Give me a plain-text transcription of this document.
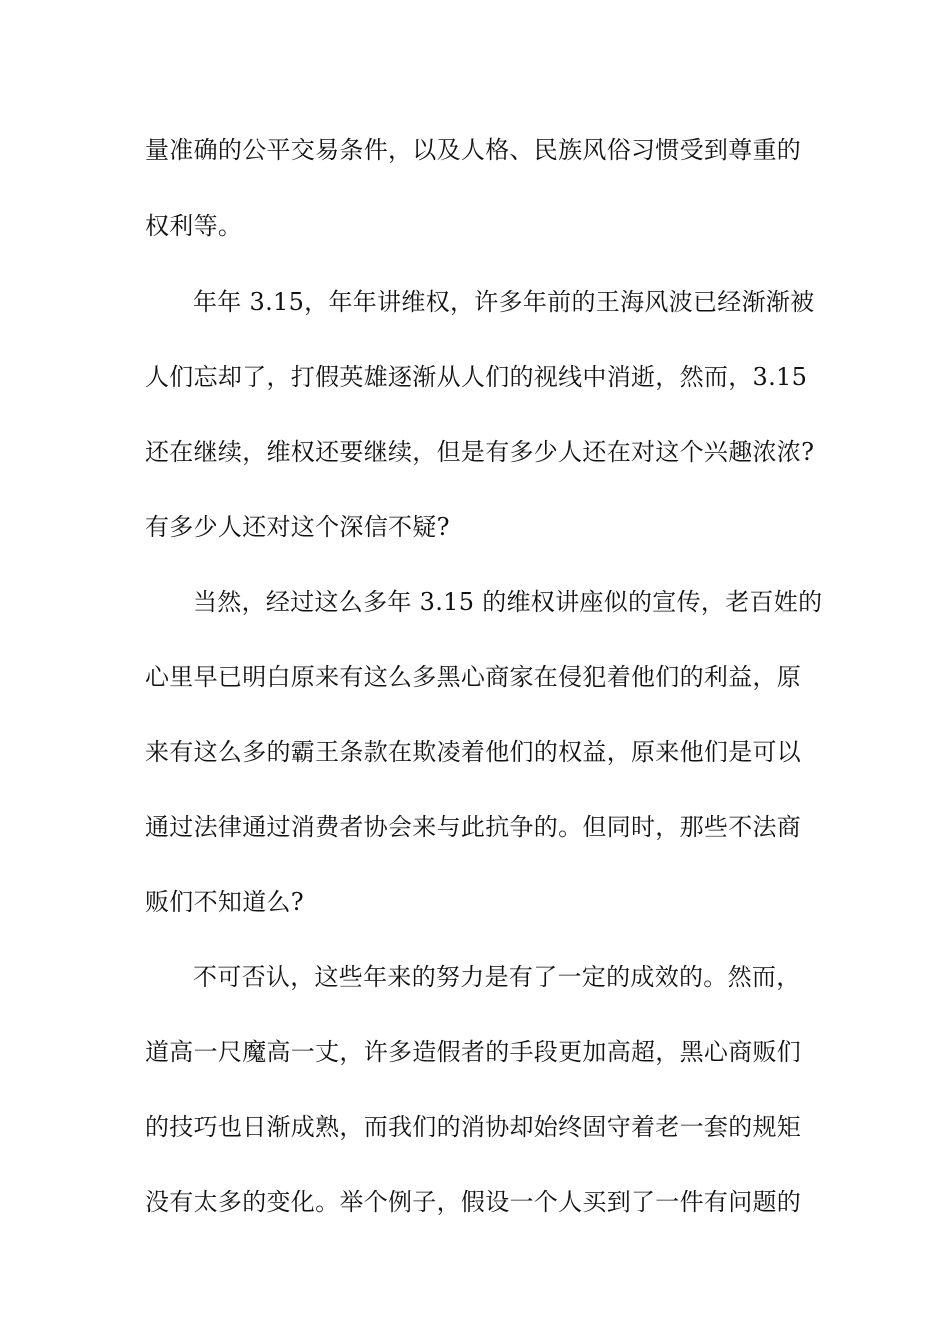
量准确的公平交易条件，以及人格、民族风俗习惯受到尊重的
权利等。
年年 3.15，年年讲维权，许多年前的王海风波已经渐渐被
人们忘却了，打假英雄逐渐从人们的视线中消逝，然而，3.15
还在继续，维权还要继续，但是有多少人还在对这个兴趣浓浓?
有多少人还对这个深信不疑?
当然，经过这么多年 3.15 的维权讲座似的宣传，老百姓的
心里早已明白原来有这么多黑心商家在侵犯着他们的利益，原
来有这么多的霸王条款在欺凌着他们的权益，原来他们是可以
通过法律通过消费者协会来与此抗争的。但同时，那些不法商
贩们不知道么?
不可否认，这些年来的努力是有了一定的成效的。然而，
道高一尺魔高一丈，许多造假者的手段更加高超，黑心商贩们
的技巧也日渐成熟，而我们的消协却始终固守着老一套的规矩
没有太多的变化。举个例子，假设一个人买到了一件有问题的
